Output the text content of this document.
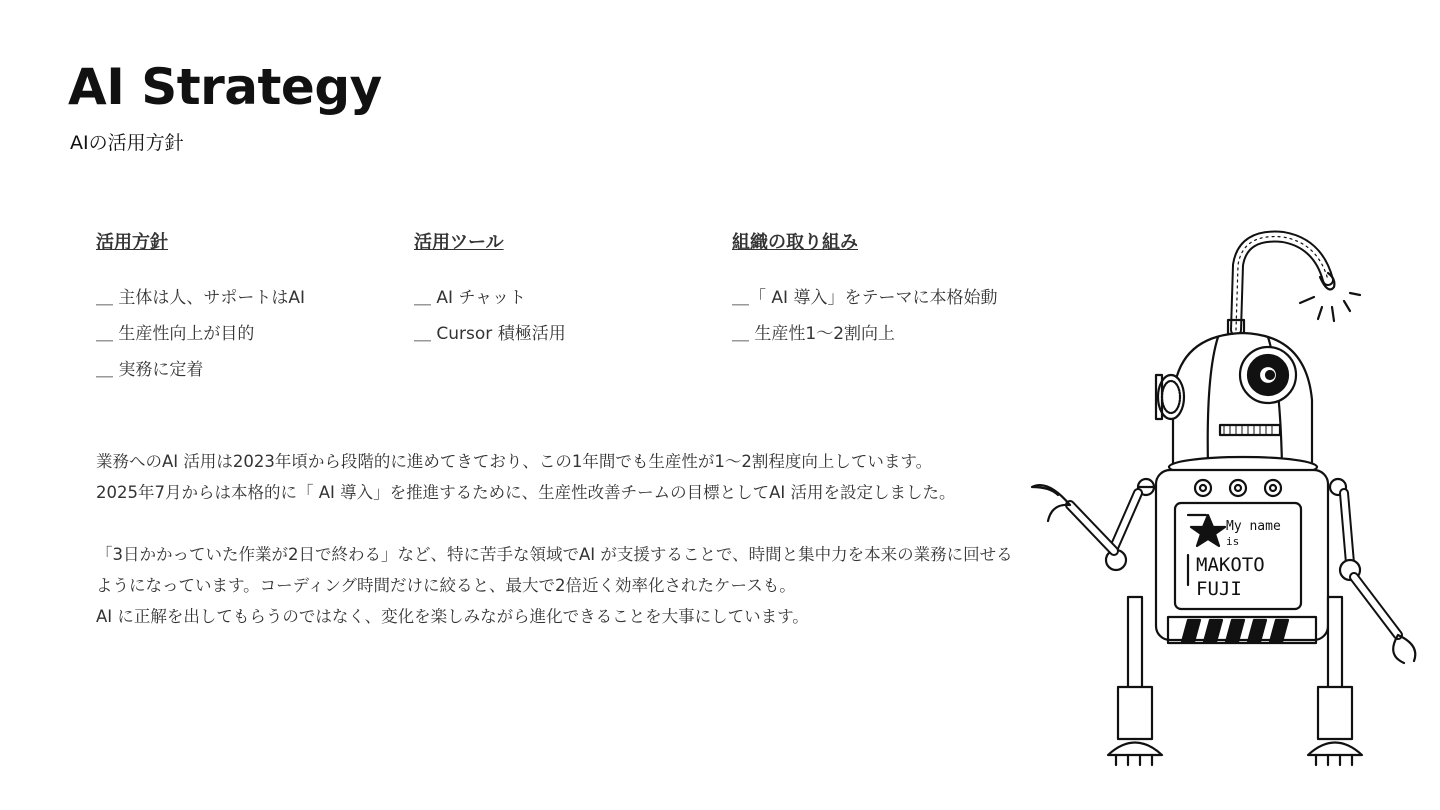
AI Strategy
AIの活用方針
活用方針
＿ 主体は人、サポートはAI
＿ 生産性向上が目的
＿ 実務に定着
活用ツール
＿ AI チャット
＿ Cursor 積極活用
組織の取り組み
＿「 AI 導入」をテーマに本格始動
＿ 生産性1～2割向上

業務へのAI 活用は2023年頃から段階的に進めてきており、この1年間でも生産性が1～2割程度向上しています。

2025年7月からは本格的に「 AI 導入」を推進するために、生産性改善チームの目標としてAI 活用を設定しました。

「3日かかっていた作業が2日で終わる」など、特に苦手な領域でAI が支援することで、時間と集中力を本来の業務に回せるようになっています。コーディング時間だけに絞ると、最大で2倍近く効率化されたケースも。

AI に正解を出してもらうのではなく、変化を楽しみながら進化できることを大事にしています。

My name
is
MAKOTO
FUJI
